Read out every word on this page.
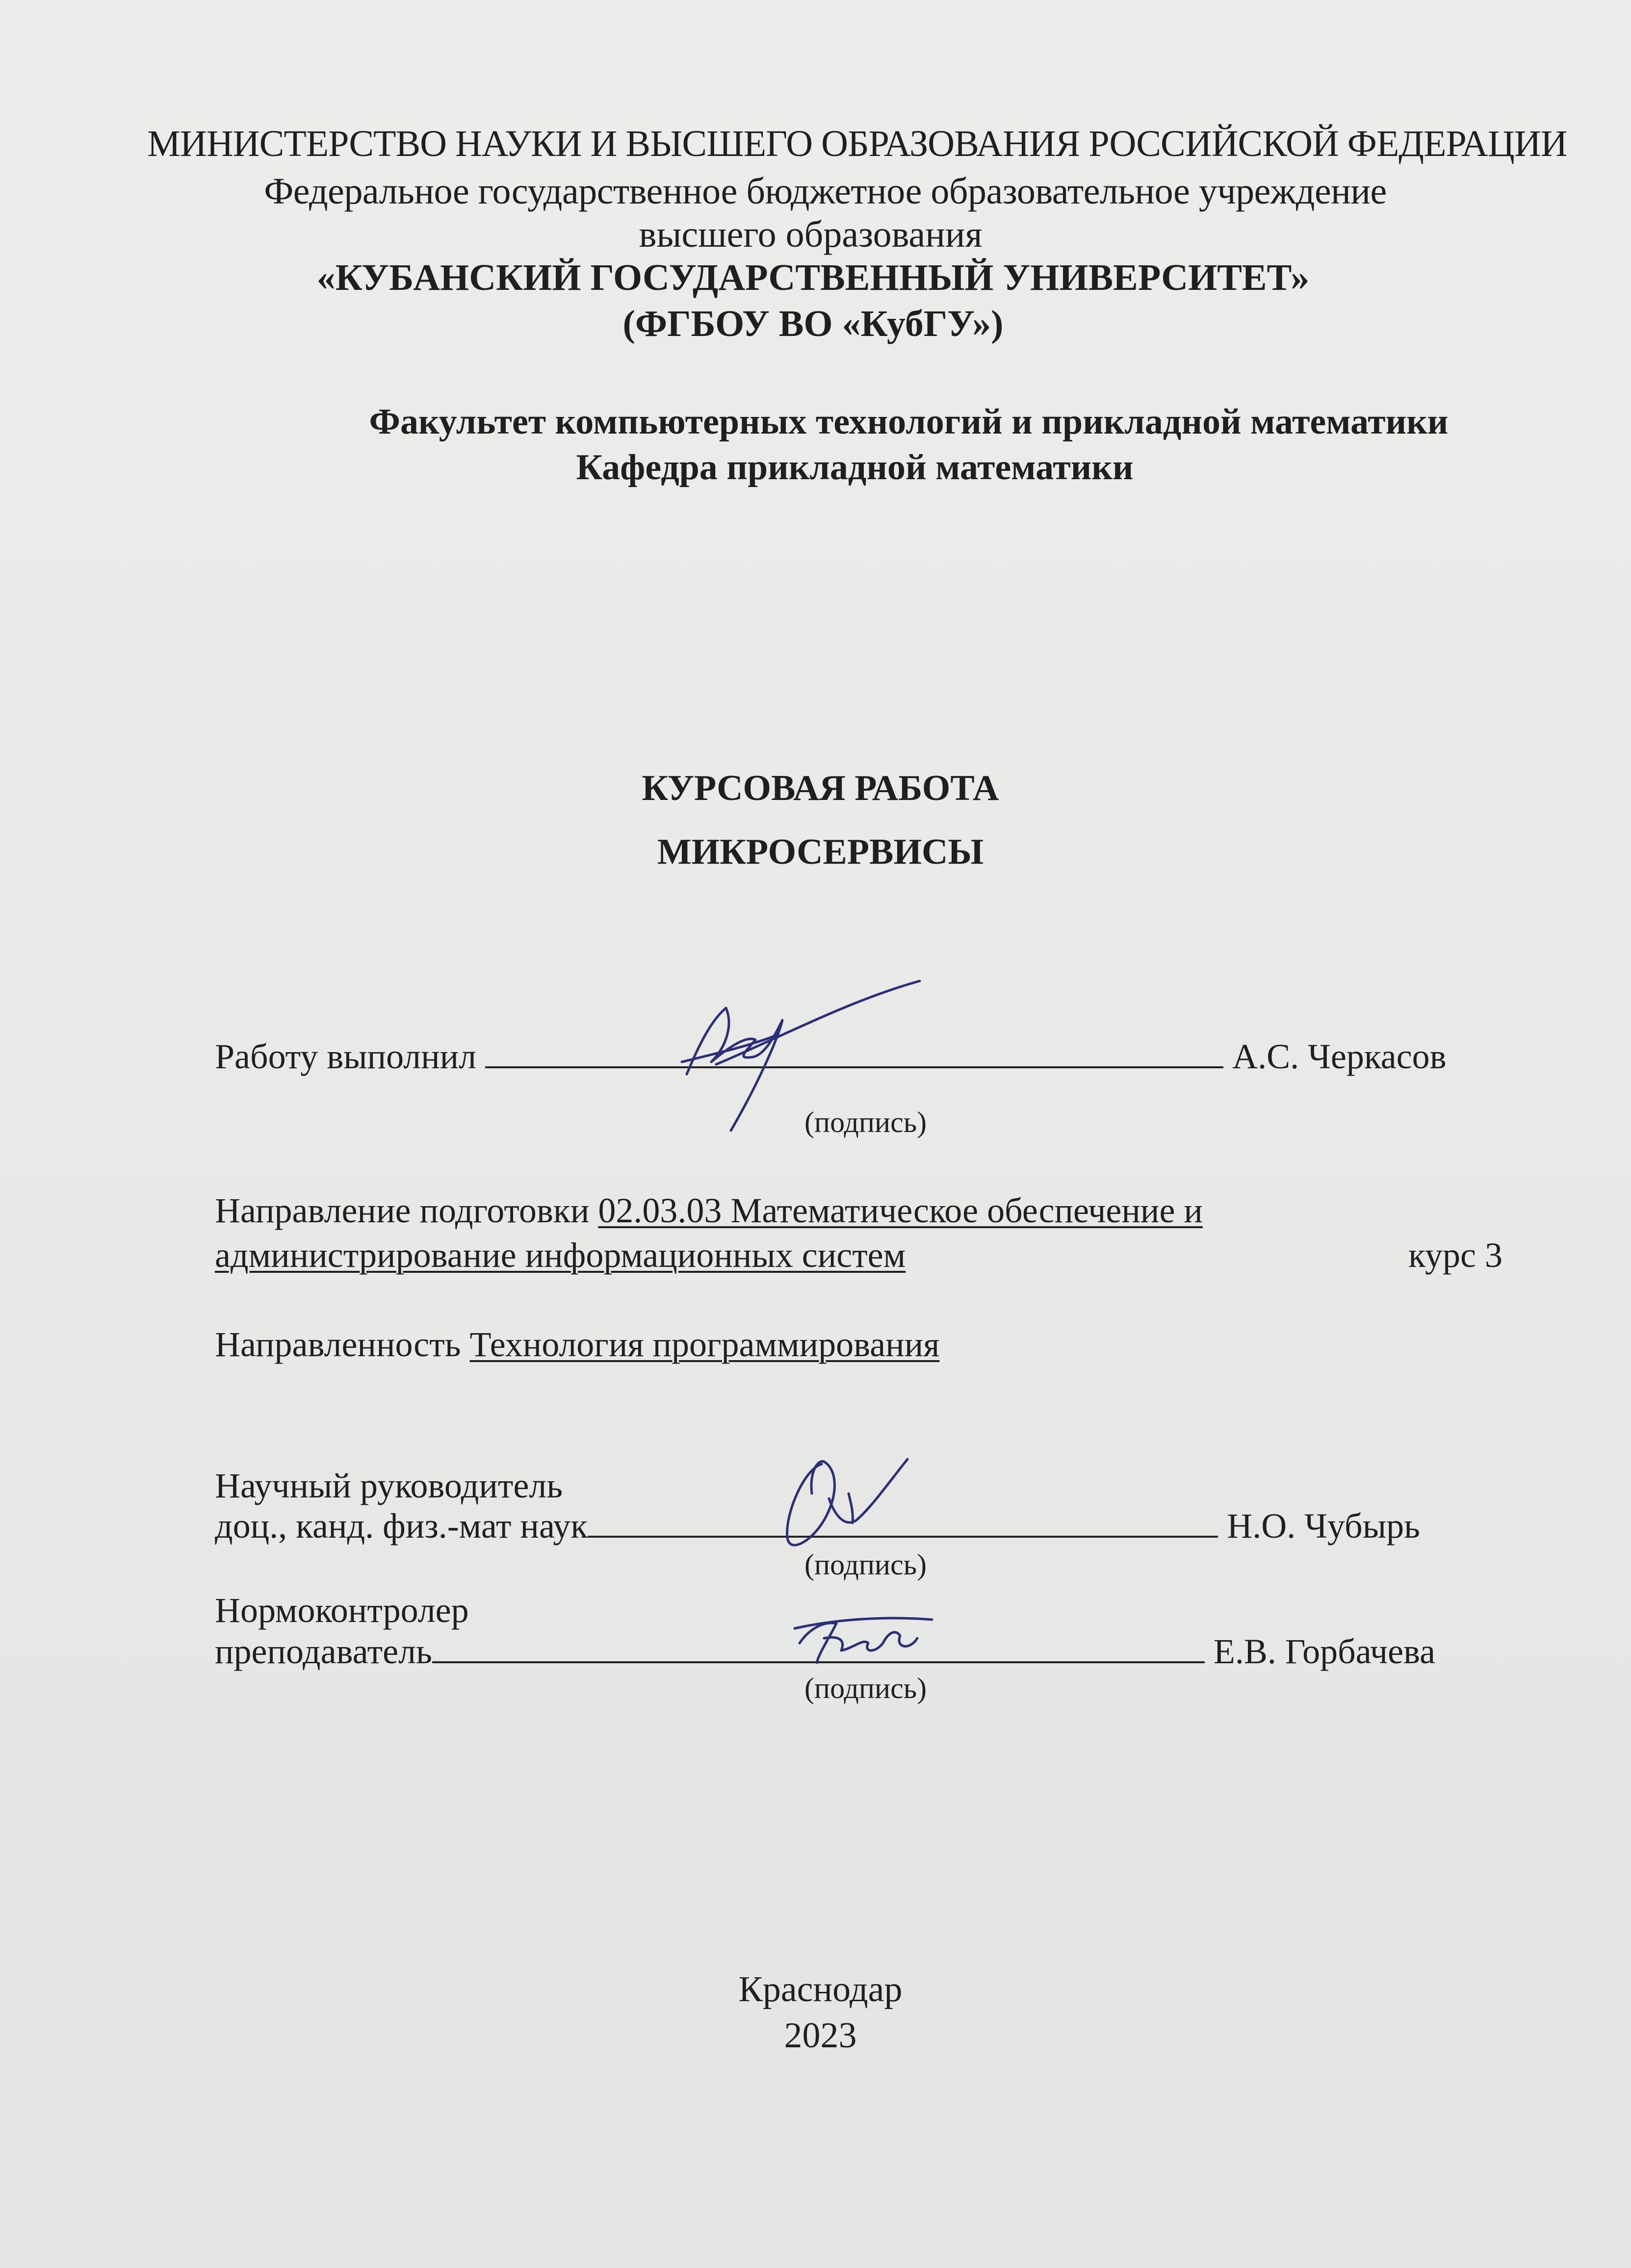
МИНИСТЕРСТВО НАУКИ И ВЫСШЕГО ОБРАЗОВАНИЯ РОССИЙСКОЙ ФЕДЕРАЦИИ
Федеральное государственное бюджетное образовательное учреждение
высшего образования
«КУБАНСКИЙ ГОСУДАРСТВЕННЫЙ УНИВЕРСИТЕТ»
(ФГБОУ ВО «КубГУ»)
Факультет компьютерных технологий и прикладной математики
Кафедра прикладной математики
КУРСОВАЯ РАБОТА
МИКРОСЕРВИСЫ
Работу выполнил	А.С. Черкасов
(подпись)
Направление подготовки 02.03.03 Математическое обеспечение и
администрирование информационных систем	курс 3
Направленность Технология программирования
Научный руководитель
доц., канд. физ.-мат наук	Н.О. Чубырь
(подпись)
Нормоконтролер
преподаватель	Е.В. Горбачева
(подпись)
Краснодар
2023
